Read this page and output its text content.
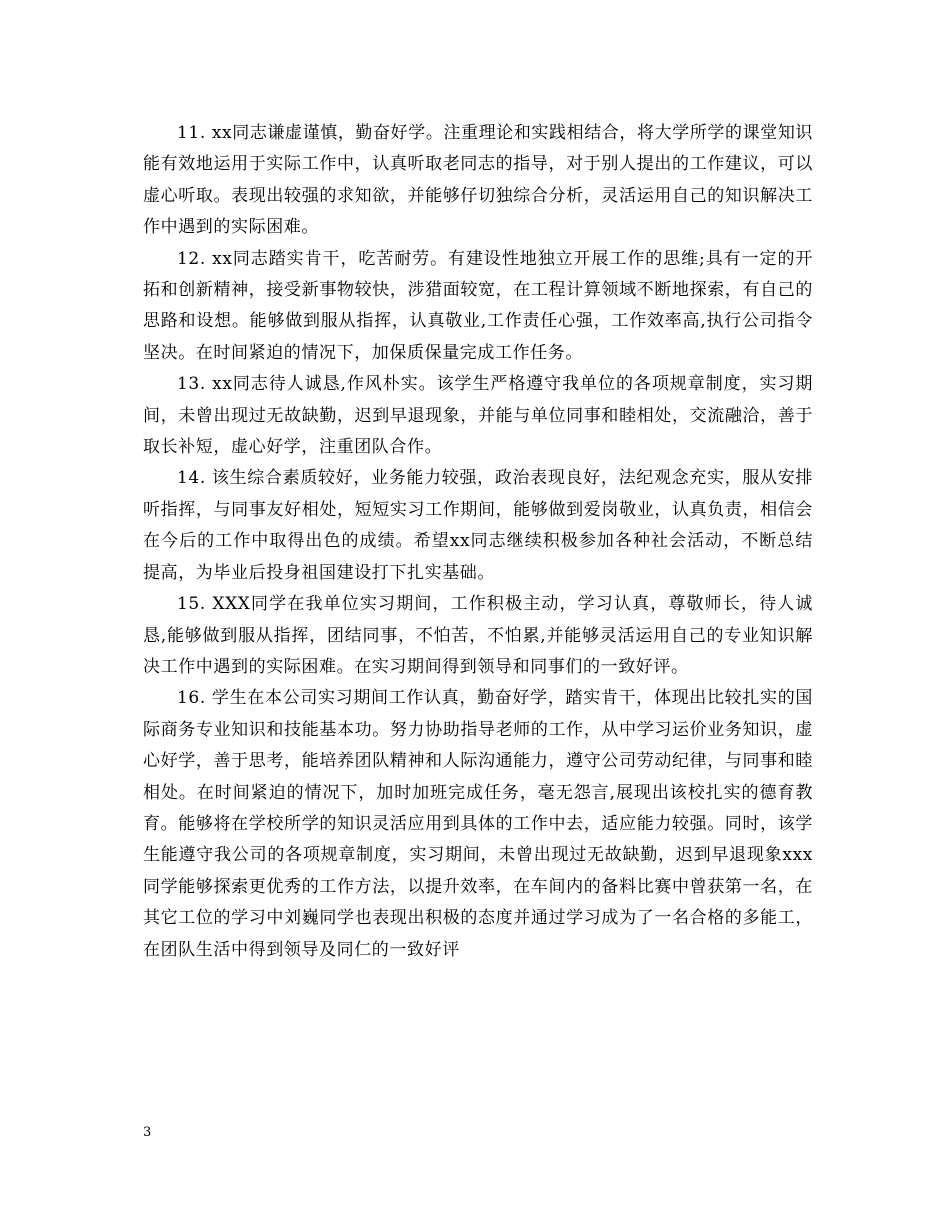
11. xx同志谦虚谨慎，勤奋好学。注重理论和实践相结合，将大学所学的课堂知识能有效地运用于实际工作中，认真听取老同志的指导，对于别人提出的工作建议，可以虚心听取。表现出较强的求知欲，并能够仔切独综合分析，灵活运用自己的知识解决工作中遇到的实际困难。

12. xx同志踏实肯干，吃苦耐劳。有建设性地独立开展工作的思维;具有一定的开拓和创新精神，接受新事物较快，涉猎面较宽，在工程计算领域不断地探索，有自己的思路和设想。能够做到服从指挥，认真敬业,工作责任心强，工作效率高,执行公司指令坚决。在时间紧迫的情况下，加保质保量完成工作任务。

13. xx同志待人诚恳,作风朴实。该学生严格遵守我单位的各项规章制度，实习期间，未曾出现过无故缺勤，迟到早退现象，并能与单位同事和睦相处，交流融洽，善于取长补短，虚心好学，注重团队合作。

14. 该生综合素质较好，业务能力较强，政治表现良好，法纪观念充实，服从安排听指挥，与同事友好相处，短短实习工作期间，能够做到爱岗敬业，认真负责，相信会在今后的工作中取得出色的成绩。希望xx同志继续积极参加各种社会活动，不断总结提高，为毕业后投身祖国建设打下扎实基础。

15. XXX同学在我单位实习期间，工作积极主动，学习认真，尊敬师长，待人诚恳,能够做到服从指挥，团结同事，不怕苦，不怕累,并能够灵活运用自己的专业知识解决工作中遇到的实际困难。在实习期间得到领导和同事们的一致好评。

16. 学生在本公司实习期间工作认真，勤奋好学，踏实肯干，体现出比较扎实的国际商务专业知识和技能基本功。努力协助指导老师的工作，从中学习运价业务知识，虚心好学，善于思考，能培养团队精神和人际沟通能力，遵守公司劳动纪律，与同事和睦相处。在时间紧迫的情况下，加时加班完成任务，毫无怨言,展现出该校扎实的德育教育。能够将在学校所学的知识灵活应用到具体的工作中去，适应能力较强。同时，该学生能遵守我公司的各项规章制度，实习期间，未曾出现过无故缺勤，迟到早退现象xxx同学能够探索更优秀的工作方法，以提升效率，在车间内的备料比赛中曾获第一名，在其它工位的学习中刘巍同学也表现出积极的态度并通过学习成为了一名合格的多能工，在团队生活中得到领导及同仁的一致好评

3
